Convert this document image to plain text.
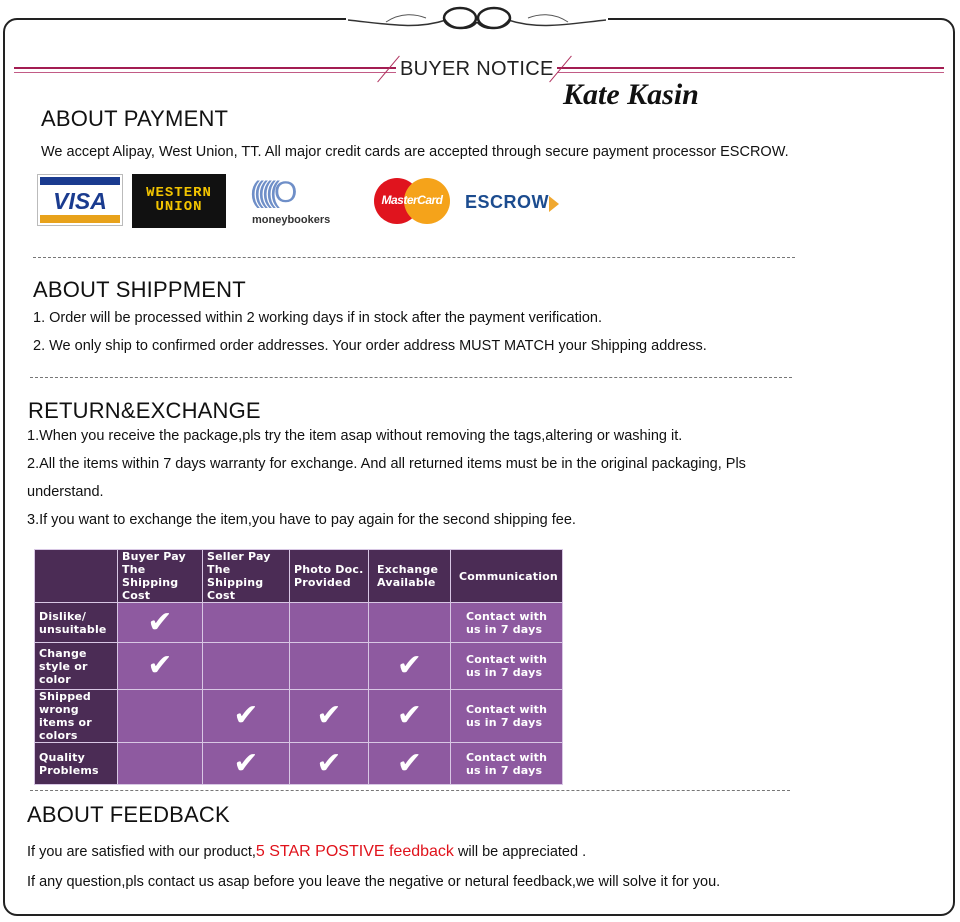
BUYER NOTICE
Kate Kasin
ABOUT PAYMENT
We accept Alipay, West Union, TT. All major credit cards are accepted through secure payment processor ESCROW.
VISA	WESTERN UNION	((((((O
moneybookers
MasterCard	ESCROW
ABOUT SHIPPMENT
1. Order will be processed within 2 working days if in stock after the payment verification.
2. We only ship to confirmed order addresses. Your order address MUST MATCH your Shipping address.
RETURN&EXCHANGE
1.When you receive the package,pls try the item asap without removing the tags,altering or washing it.
2.All the items within 7 days warranty for exchange. And all returned items must be in the original packaging, Pls
understand.
3.If you want to exchange the item,you have to pay again for the second shipping fee.
	Buyer Pay The Shipping Cost	Seller Pay The Shipping Cost	Photo Doc. Provided	Exchange Available	Communication
Dislike/ unsuitable	✔				Contact with us in 7 days
Change style or color	✔			✔	Contact with us in 7 days
Shipped wrong items or colors		✔	✔	✔	Contact with us in 7 days
Quality Problems		✔	✔	✔	Contact with us in 7 days
ABOUT FEEDBACK
If you are satisfied with our product,5 STAR POSTIVE feedback will be appreciated .
If any question,pls contact us asap before you leave the negative or netural feedback,we will solve it for you.
